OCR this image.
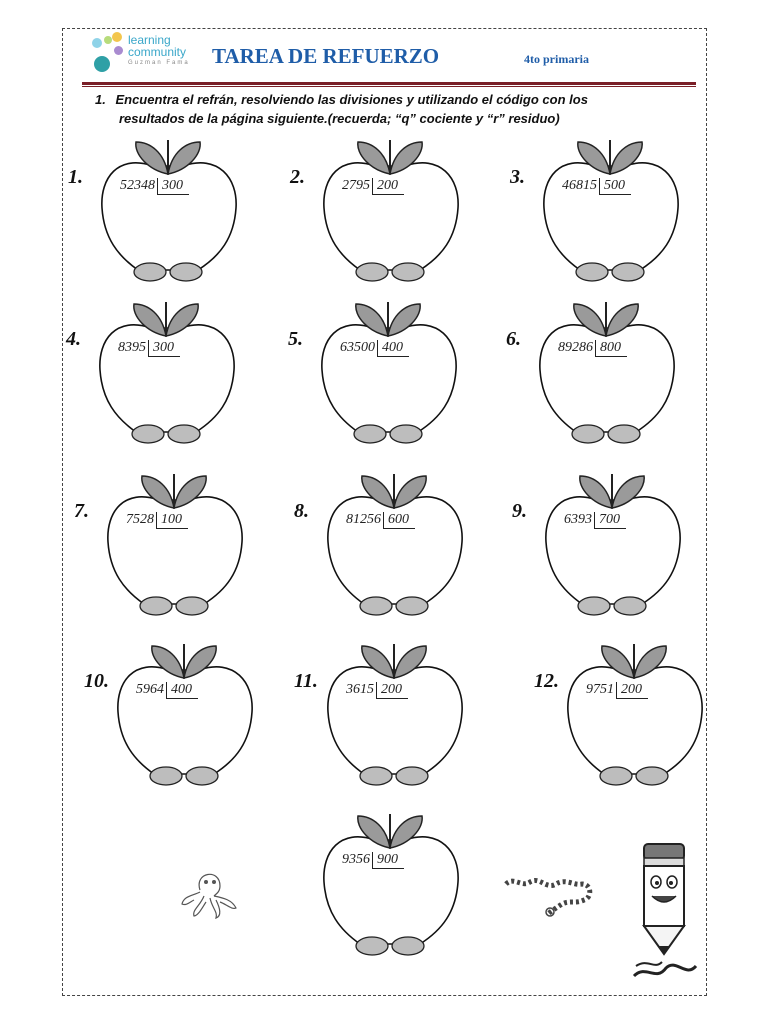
learning
community
Guzman Fama TAREA DE REFUERZO	4to primaria
1. Encuentra el refrán, resolviendo las divisiones y utilizando el código con los
resultados de la página siguiente.(recuerda; “q” cociente y “r” residuo)
1.	52348 300	2.	2795 200	3.	46815 500
4.	8395 300	5.	63500 400	6.	89286 800
7.	7528 100	8.	81256 600	9.	6393 700
10. 5964 400	11. 3615 200	12. 9751 200
9356 900
